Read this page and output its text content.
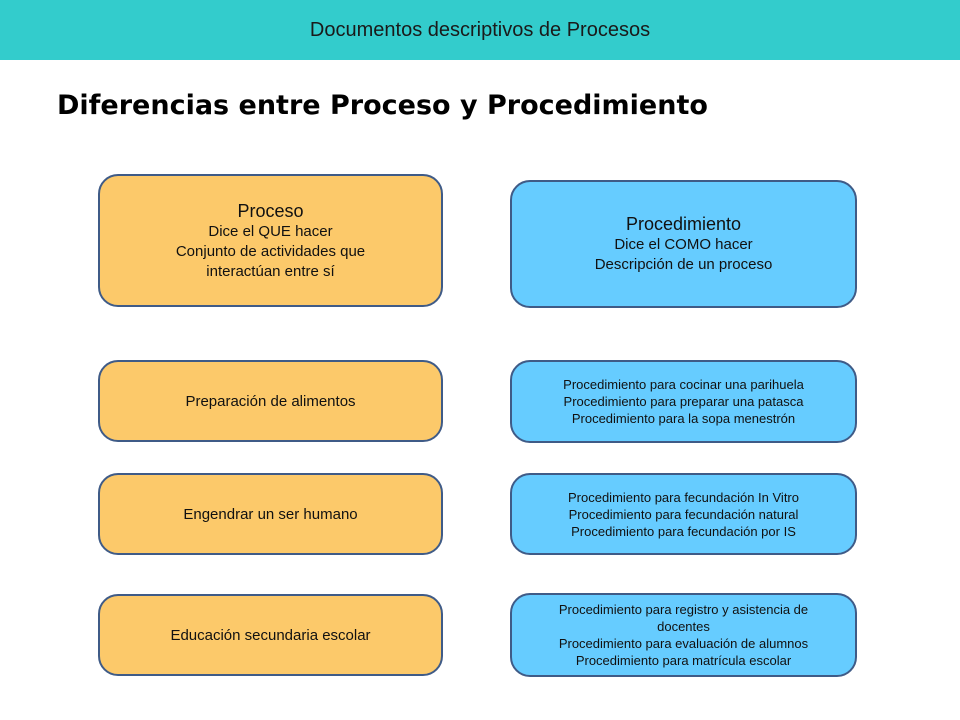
Documentos descriptivos de Procesos
Diferencias entre Proceso y Procedimiento
Proceso
Dice el QUE hacer
Conjunto de actividades que
interactúan entre sí
Procedimiento
Dice el COMO hacer
Descripción de un proceso
Preparación de alimentos
Procedimiento para cocinar una parihuela
Procedimiento para preparar una patasca
Procedimiento para la sopa menestrón
Engendrar un ser humano
Procedimiento para fecundación In Vitro
Procedimiento para fecundación natural
Procedimiento para fecundación por IS
Educación secundaria escolar
Procedimiento para registro y asistencia de
docentes
Procedimiento para evaluación de alumnos
Procedimiento para matrícula escolar
